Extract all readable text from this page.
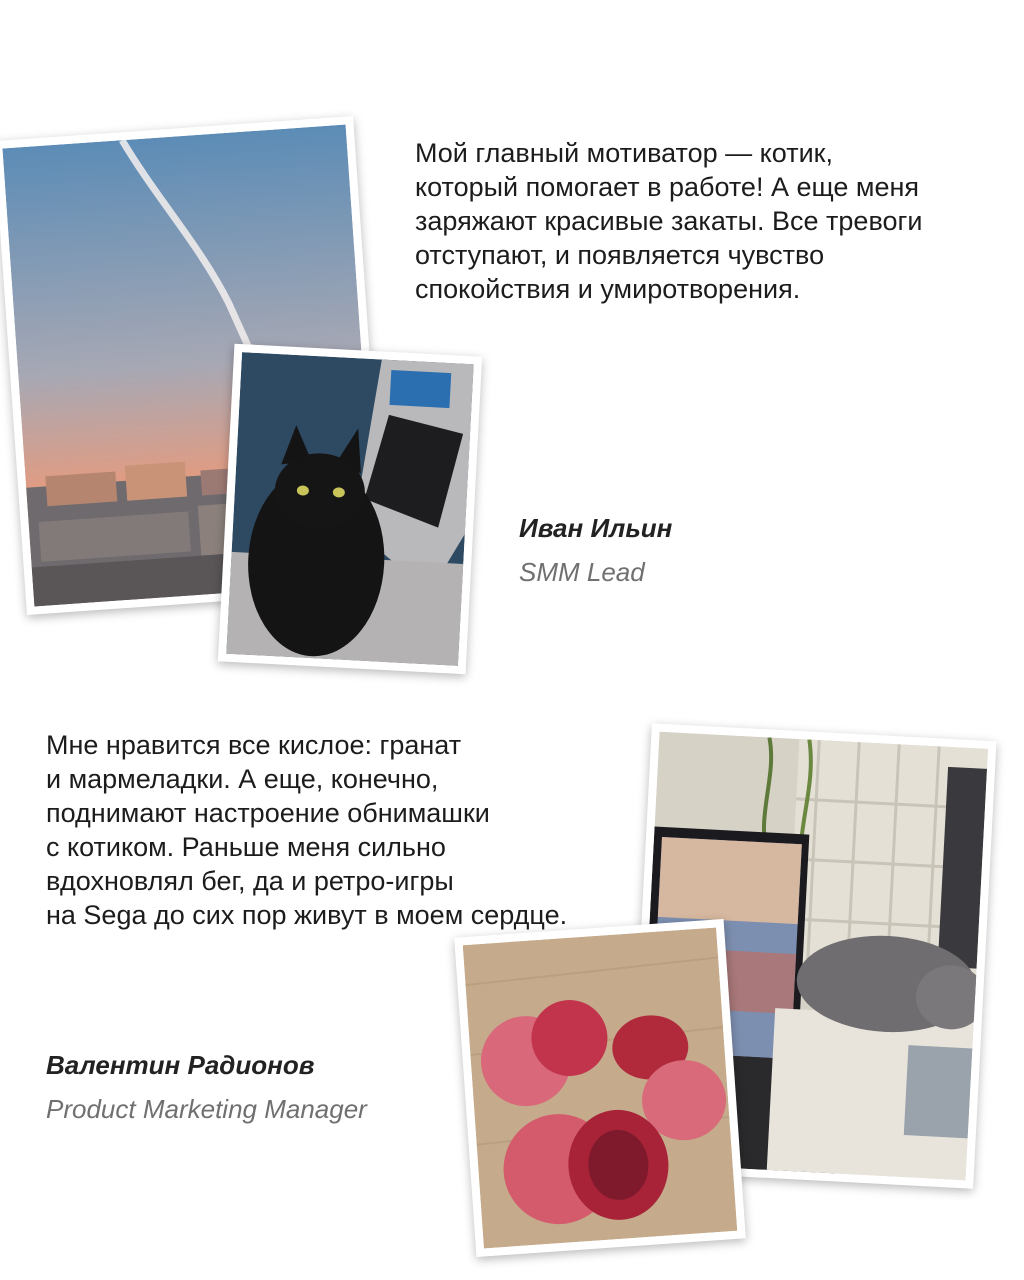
Мой главный мотиватор — котик,
который помогает в работе! А еще меня
заряжают красивые закаты. Все тревоги
отступают, и появляется чувство
спокойствия и умиротворения.

Иван Ильин
SMM Lead

Мне нравится все кислое: гранат
и мармеладки. А еще, конечно,
поднимают настроение обнимашки
с котиком. Раньше меня сильно
вдохновлял бег, да и ретро-игры
на Sega до сих пор живут в моем сердце.

Валентин Радионов
Product Marketing Manager
